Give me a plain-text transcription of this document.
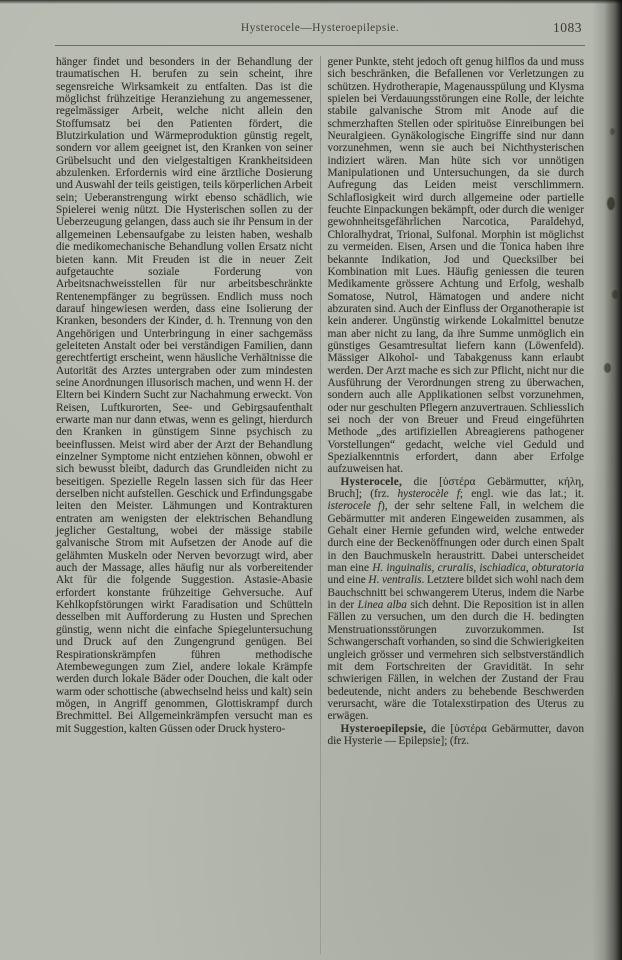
Hysterocele—Hysteroepilepsie.	1083

hänger findet und besonders in der Behandlung der traumatischen H. berufen zu sein scheint, ihre segensreiche Wirksamkeit zu entfalten. Das ist die möglichst frühzeitige Heranziehung zu angemessener, regelmässiger Arbeit, welche nicht allein den Stoffumsatz bei den Patienten fördert, die Blutzirkulation und Wärmeproduktion günstig regelt, sondern vor allem geeignet ist, den Kranken von seiner Grübelsucht und den vielgestaltigen Krankheitsideen abzulenken. Erfordernis wird eine ärztliche Dosierung und Auswahl der teils geistigen, teils körperlichen Arbeit sein; Ueberanstrengung wirkt ebenso schädlich, wie Spielerei wenig nützt. Die Hysterischen sollen zu der Ueberzeugung gelangen, dass auch sie ihr Pensum in der allgemeinen Lebensaufgabe zu leisten haben, weshalb die medikomechanische Behandlung vollen Ersatz nicht bieten kann. Mit Freuden ist die in neuer Zeit aufgetauchte soziale Forderung von Arbeitsnachweisstellen für nur arbeitsbeschränkte Rentenempfänger zu begrüssen. Endlich muss noch darauf hingewiesen werden, dass eine Isolierung der Kranken, besonders der Kinder, d. h. Trennung von den Angehörigen und Unterbringung in einer sachgemäss geleiteten Anstalt oder bei verständigen Familien, dann gerechtfertigt erscheint, wenn häusliche Verhältnisse die Autorität des Arztes untergraben oder zum mindesten seine Anordnungen illusorisch machen, und wenn H. der Eltern bei Kindern Sucht zur Nachahmung erweckt. Von Reisen, Luftkurorten, See- und Gebirgsaufenthalt erwarte man nur dann etwas, wenn es gelingt, hierdurch den Kranken in günstigem Sinne psychisch zu beeinflussen. Meist wird aber der Arzt der Behandlung einzelner Symptome nicht entziehen können, obwohl er sich bewusst bleibt, dadurch das Grundleiden nicht zu beseitigen. Spezielle Regeln lassen sich für das Heer derselben nicht aufstellen. Geschick und Erfindungsgabe leiten den Meister. Lähmungen und Kontrakturen entraten am wenigsten der elektrischen Behandlung jeglicher Gestaltung, wobei der mässige stabile galvanische Strom mit Aufsetzen der Anode auf die gelähmten Muskeln oder Nerven bevorzugt wird, aber auch der Massage, alles häufig nur als vorbereitender Akt für die folgende Suggestion. Astasie-Abasie erfordert konstante frühzeitige Gehversuche. Auf Kehlkopfstörungen wirkt Faradisation und Schütteln desselben mit Aufforderung zu Husten und Sprechen günstig, wenn nicht die einfache Spiegeluntersuchung und Druck auf den Zungengrund genügen. Bei Respirationskrämpfen führen methodische Atembewegungen zum Ziel, andere lokale Krämpfe werden durch lokale Bäder oder Douchen, die kalt oder warm oder schottische (abwechselnd heiss und kalt) sein mögen, in Angriff genommen, Glottiskrampf durch Brechmittel. Bei Allgemeinkrämpfen versucht man es mit Suggestion, kalten Güssen oder Druck hystero-

gener Punkte, steht jedoch oft genug hilflos da und muss sich beschränken, die Befallenen vor Verletzungen zu schützen. Hydrotherapie, Magenausspülung und Klysma spielen bei Verdauungsstörungen eine Rolle, der leichte stabile galvanische Strom mit Anode auf die schmerzhaften Stellen oder spirituöse Einreibungen bei Neuralgieen. Gynäkologische Eingriffe sind nur dann vorzunehmen, wenn sie auch bei Nichthysterischen indiziert wären. Man hüte sich vor unnötigen Manipulationen und Untersuchungen, da sie durch Aufregung das Leiden meist verschlimmern. Schlaflosigkeit wird durch allgemeine oder partielle feuchte Einpackungen bekämpft, oder durch die weniger gewohnheitsgefährlichen Narcotica, Paraldehyd, Chloralhydrat, Trional, Sulfonal. Morphin ist möglichst zu vermeiden. Eisen, Arsen und die Tonica haben ihre bekannte Indikation, Jod und Quecksilber bei Kombination mit Lues. Häufig geniessen die teuren Medikamente grössere Achtung und Erfolg, weshalb Somatose, Nutrol, Hämatogen und andere nicht abzuraten sind. Auch der Einfluss der Organotherapie ist kein anderer. Ungünstig wirkende Lokalmittel benutze man aber nicht zu lang, da ihre Summe unmöglich ein günstiges Gesamtresultat liefern kann (Löwenfeld). Mässiger Alkohol- und Tabakgenuss kann erlaubt werden. Der Arzt mache es sich zur Pflicht, nicht nur die Ausführung der Verordnungen streng zu überwachen, sondern auch alle Applikationen selbst vorzunehmen, oder nur geschulten Pflegern anzuvertrauen. Schliesslich sei noch der von Breuer und Freud eingeführten Methode „des artifiziellen Abreagierens pathogener Vorstellungen“ gedacht, welche viel Geduld und Spezialkenntnis erfordert, dann aber Erfolge aufzuweisen hat.

Hysterocele, die [ὑστέρα Gebärmutter, κήλη, Bruch]; (frz. hysterocèle f; engl. wie das lat.; it. isterocele f), der sehr seltene Fall, in welchem die Gebärmutter mit anderen Eingeweiden zusammen, als Gehalt einer Hernie gefunden wird, welche entweder durch eine der Beckenöffnungen oder durch einen Spalt in den Bauchmuskeln heraustritt. Dabei unterscheidet man eine H. inguinalis, cruralis, ischiadica, obturatoria und eine H. ventralis. Letztere bildet sich wohl nach dem Bauchschnitt bei schwangerem Uterus, indem die Narbe in der Linea alba sich dehnt. Die Reposition ist in allen Fällen zu versuchen, um den durch die H. bedingten Menstruationsstörungen zuvorzukommen. Ist Schwangerschaft vorhanden, so sind die Schwierigkeiten ungleich grösser und vermehren sich selbstverständlich mit dem Fortschreiten der Gravidität. In sehr schwierigen Fällen, in welchen der Zustand der Frau bedeutende, nicht anders zu behebende Beschwerden verursacht, wäre die Totalexstirpation des Uterus zu erwägen.

Hysteroepilepsie, die [ὑστέρα Gebärmutter, davon die Hysterie — Epilepsie]; (frz.
